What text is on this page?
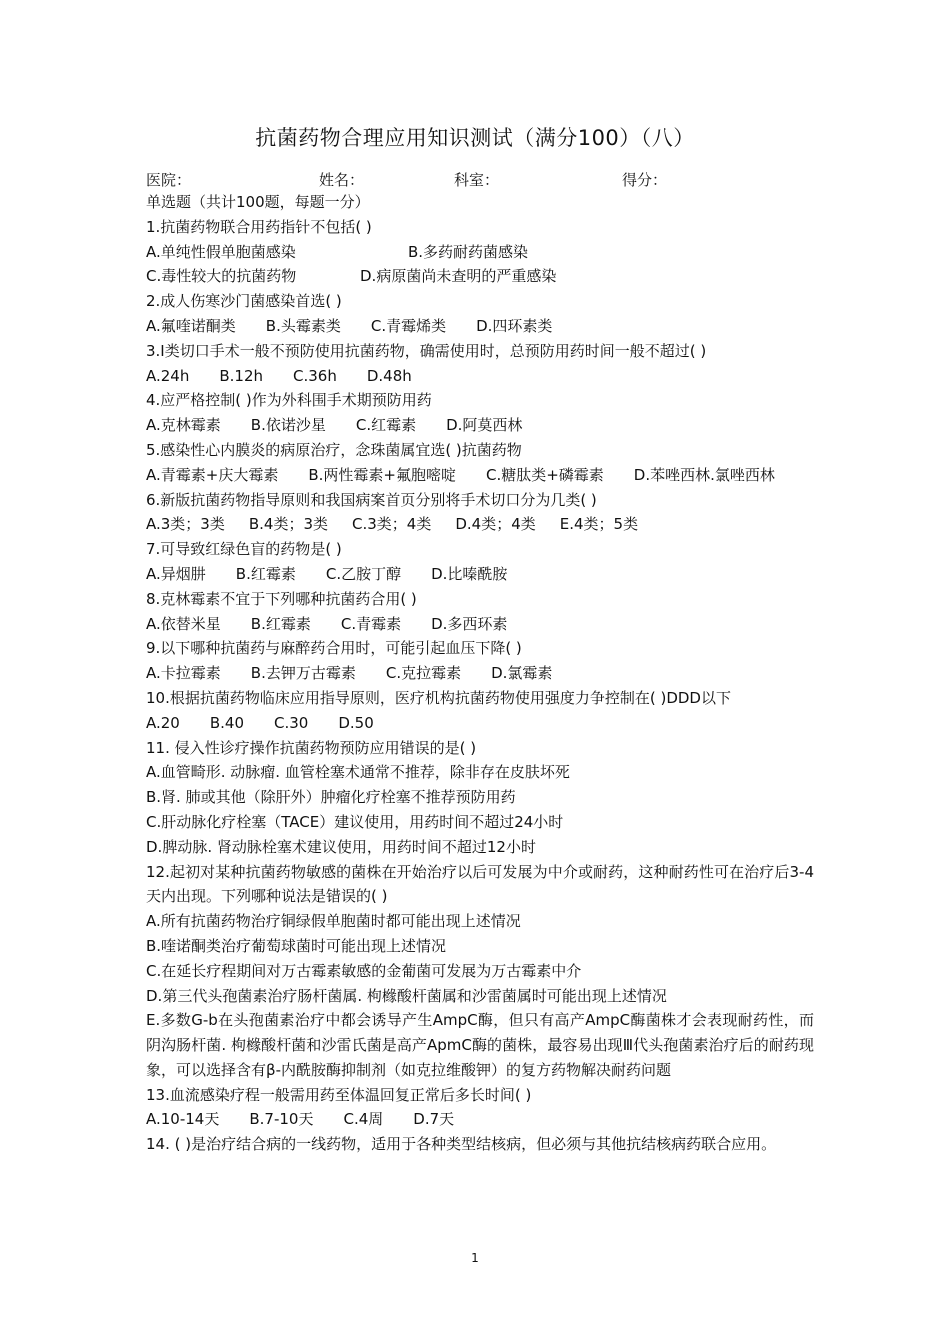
抗菌药物合理应用知识测试（满分100）（八）
医院：	姓名：	科室：	得分：
单选题（共计100题，每题一分）
1.抗菌药物联合用药指针不包括( )
A.单纯性假单胞菌感染	B.多药耐药菌感染
C.毒性较大的抗菌药物	D.病原菌尚未查明的严重感染
2.成人伤寒沙门菌感染首选( )
A.氟喹诺酮类 B.头霉素类 C.青霉烯类 D.四环素类
3.Ⅰ类切口手术一般不预防使用抗菌药物，确需使用时，总预防用药时间一般不超过( )
A.24h B.12h C.36h D.48h
4.应严格控制( )作为外科围手术期预防用药
A.克林霉素 B.依诺沙星 C.红霉素 D.阿莫西林
5.感染性心内膜炎的病原治疗，念珠菌属宜选( )抗菌药物
A.青霉素+庆大霉素 B.两性霉素+氟胞嘧啶 C.糖肽类+磷霉素 D.苯唑西林.氯唑西林
6.新版抗菌药物指导原则和我国病案首页分别将手术切口分为几类( )
A.3类；3类 B.4类；3类 C.3类；4类 D.4类；4类 E.4类；5类
7.可导致红绿色盲的药物是( )
A.异烟肼 B.红霉素 C.乙胺丁醇 D.比嗪酰胺
8.克林霉素不宜于下列哪种抗菌药合用( )
A.依替米星 B.红霉素 C.青霉素 D.多西环素
9.以下哪种抗菌药与麻醉药合用时，可能引起血压下降( )
A.卡拉霉素 B.去钾万古霉素 C.克拉霉素 D.氯霉素
10.根据抗菌药物临床应用指导原则，医疗机构抗菌药物使用强度力争控制在( )DDD以下
A.20 B.40 C.30 D.50
11. 侵入性诊疗操作抗菌药物预防应用错误的是( )
A.血管畸形. 动脉瘤. 血管栓塞术通常不推荐，除非存在皮肤坏死
B.肾. 肺或其他（除肝外）肿瘤化疗栓塞不推荐预防用药
C.肝动脉化疗栓塞（TACE）建议使用，用药时间不超过24小时
D.脾动脉. 肾动脉栓塞术建议使用，用药时间不超过12小时
12.起初对某种抗菌药物敏感的菌株在开始治疗以后可发展为中介或耐药，这种耐药性可在治疗后3-4天内出现。下列哪种说法是错误的( )
A.所有抗菌药物治疗铜绿假单胞菌时都可能出现上述情况
B.喹诺酮类治疗葡萄球菌时可能出现上述情况
C.在延长疗程期间对万古霉素敏感的金葡菌可发展为万古霉素中介
D.第三代头孢菌素治疗肠杆菌属. 枸橼酸杆菌属和沙雷菌属时可能出现上述情况
E.多数G-b在头孢菌素治疗中都会诱导产生AmpC酶，但只有高产AmpC酶菌株才会表现耐药性，而阴沟肠杆菌. 枸橼酸杆菌和沙雷氏菌是高产ApmC酶的菌株，最容易出现Ⅲ代头孢菌素治疗后的耐药现象，可以选择含有β-内酰胺酶抑制剂（如克拉维酸钾）的复方药物解决耐药问题
13.血流感染疗程一般需用药至体温回复正常后多长时间( )
A.10-14天 B.7-10天 C.4周 D.7天
14. ( )是治疗结合病的一线药物，适用于各种类型结核病，但必须与其他抗结核病药联合应用。
1
